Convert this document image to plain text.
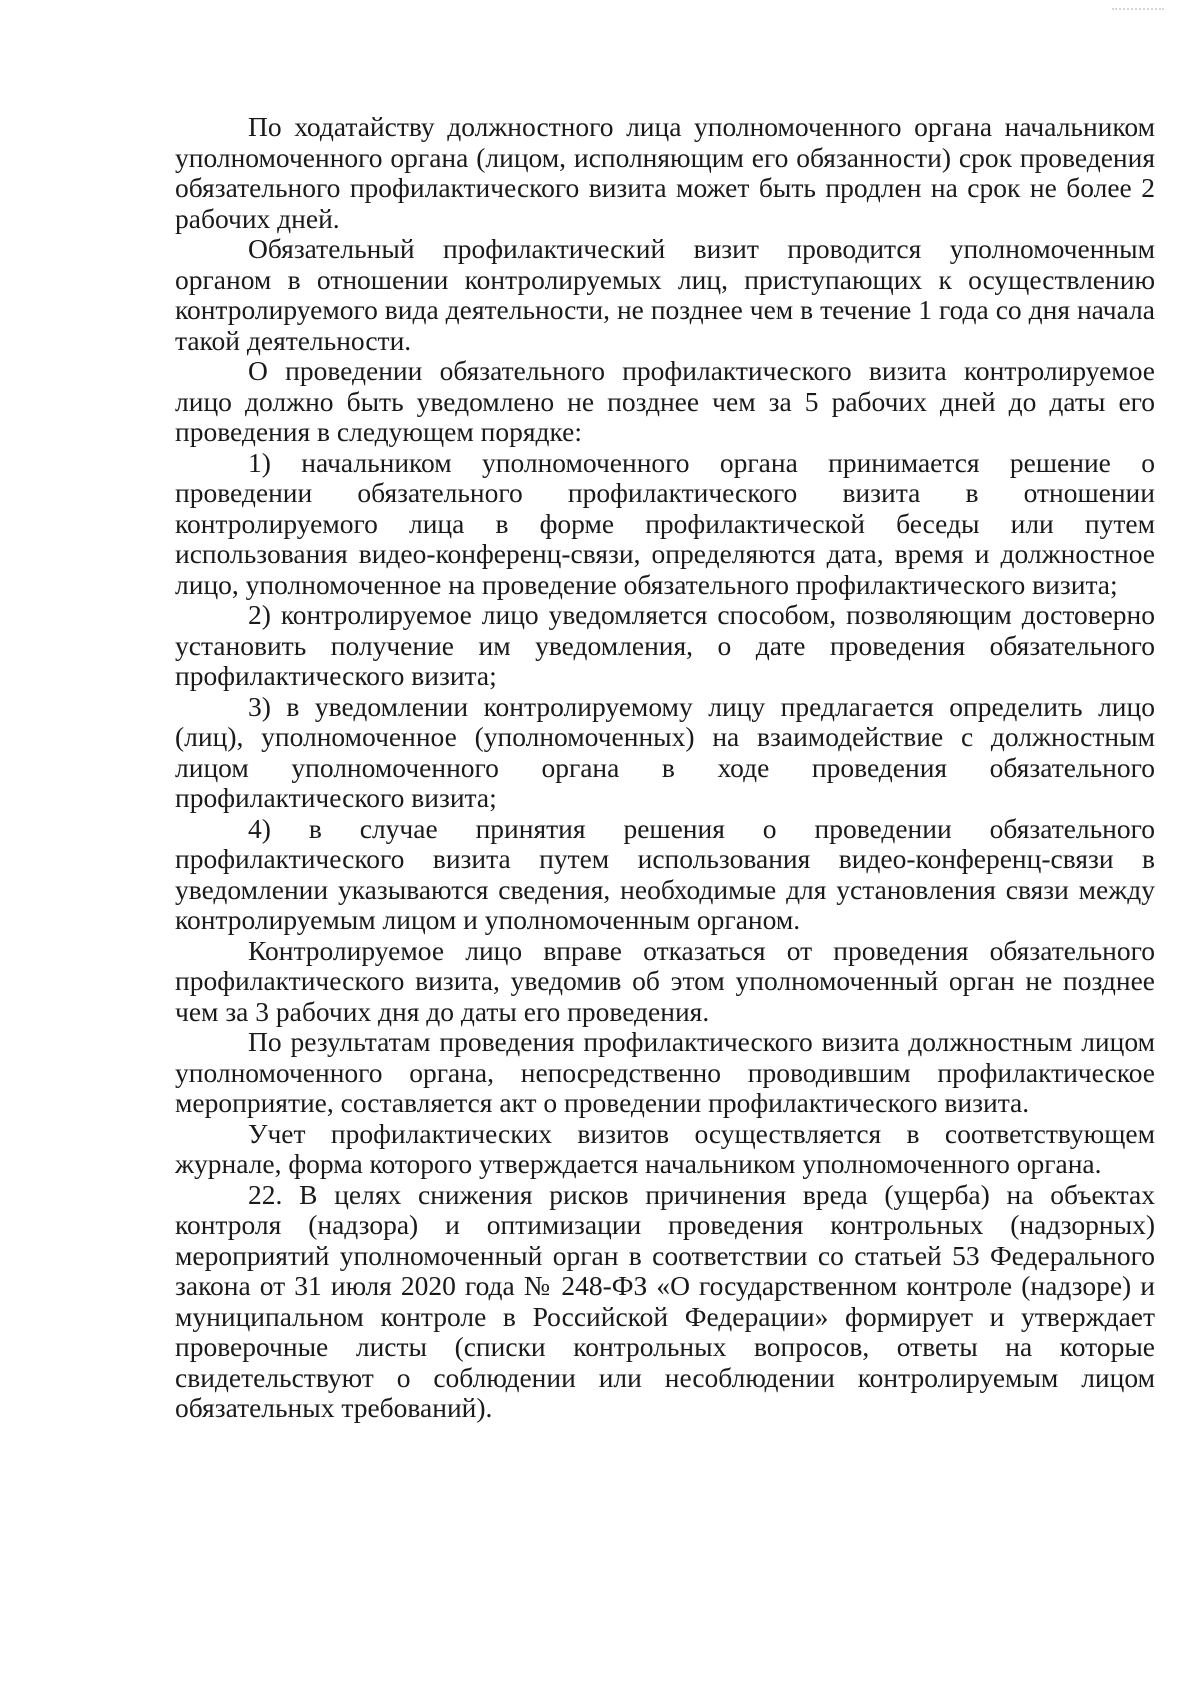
По ходатайству должностного лица уполномоченного органа начальником уполномоченного органа (лицом, исполняющим его обязанности) срок проведения обязательного профилактического визита может быть продлен на срок не более 2 рабочих дней.

Обязательный профилактический визит проводится уполномоченным органом в отношении контролируемых лиц, приступающих к осуществлению контролируемого вида деятельности, не позднее чем в течение 1 года со дня начала такой деятельности.

О проведении обязательного профилактического визита контролируемое лицо должно быть уведомлено не позднее чем за 5 рабочих дней до даты его проведения в следующем порядке:

1) начальником уполномоченного органа принимается решение о проведении обязательного профилактического визита в отношении контролируемого лица в форме профилактической беседы или путем использования видео-конференц-связи, определяются дата, время и должностное лицо, уполномоченное на проведение обязательного профилактического визита;

2) контролируемое лицо уведомляется способом, позволяющим достоверно установить получение им уведомления, о дате проведения обязательного профилактического визита;

3) в уведомлении контролируемому лицу предлагается определить лицо (лиц), уполномоченное (уполномоченных) на взаимодействие с должностным лицом уполномоченного органа в ходе проведения обязательного профилактического визита;

4) в случае принятия решения о проведении обязательного профилактического визита путем использования видео-конференц-связи в уведомлении указываются сведения, необходимые для установления связи между контролируемым лицом и уполномоченным органом.

Контролируемое лицо вправе отказаться от проведения обязательного профилактического визита, уведомив об этом уполномоченный орган не позднее чем за 3 рабочих дня до даты его проведения.

По результатам проведения профилактического визита должностным лицом уполномоченного органа, непосредственно проводившим профилактическое мероприятие, составляется акт о проведении профилактического визита.

Учет профилактических визитов осуществляется в соответствующем журнале, форма которого утверждается начальником уполномоченного органа.

22. В целях снижения рисков причинения вреда (ущерба) на объектах контроля (надзора) и оптимизации проведения контрольных (надзорных) мероприятий уполномоченный орган в соответствии со статьей 53 Федерального закона от 31 июля 2020 года № 248-ФЗ «О государственном контроле (надзоре) и муниципальном контроле в Российской Федерации» формирует и утверждает проверочные листы (списки контрольных вопросов, ответы на которые свидетельствуют о соблюдении или несоблюдении контролируемым лицом обязательных требований).
